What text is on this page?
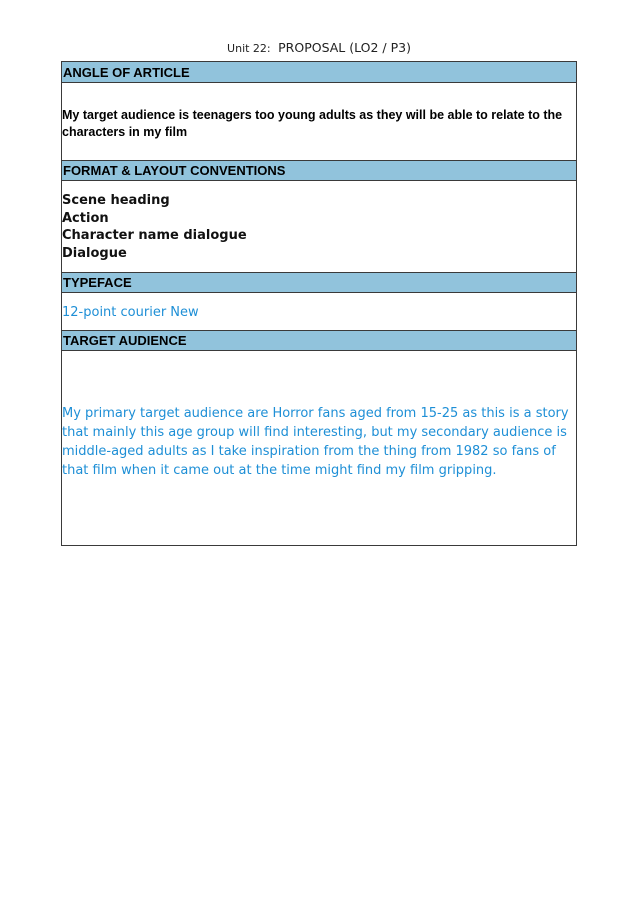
Unit 22: PROPOSAL (LO2 / P3)
ANGLE OF ARTICLE
My target audience is teenagers too young adults as they will be able to relate to the characters in my film
FORMAT & LAYOUT CONVENTIONS
Scene heading
Action
Character name dialogue
Dialogue
TYPEFACE
12-point courier New
TARGET AUDIENCE
My primary target audience are Horror fans aged from 15-25 as this is a story that mainly this age group will find interesting, but my secondary audience is middle-aged adults as I take inspiration from the thing from 1982 so fans of that film when it came out at the time might find my film gripping.
